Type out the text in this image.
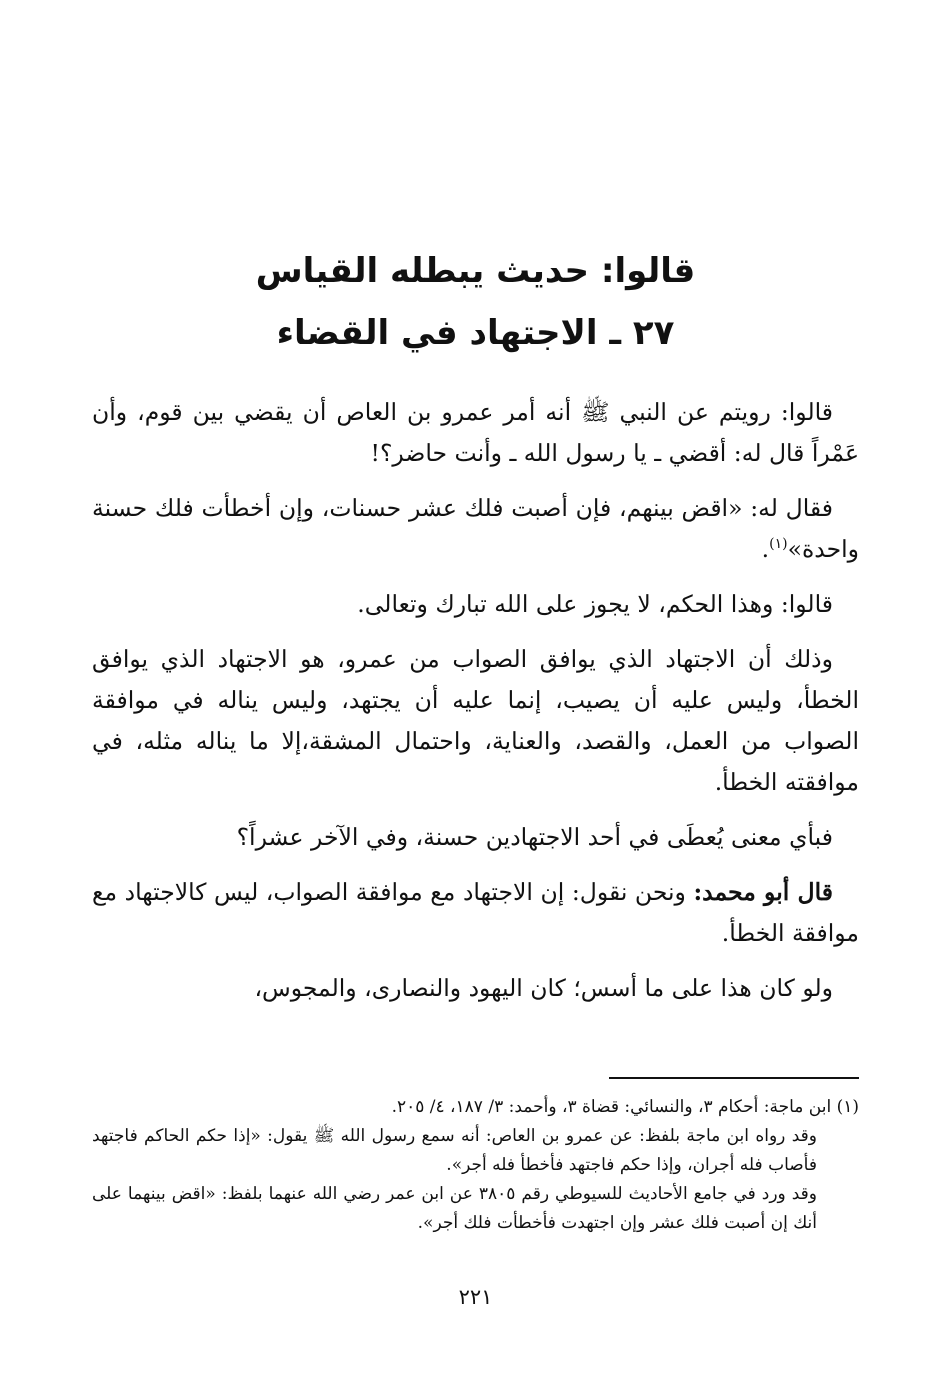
قالوا: حديث يبطله القياس
٢٧ ـ الاجتهاد في القضاء

قالوا: رويتم عن النبي ﷺ أنه أمر عمرو بن العاص أن يقضي بين قوم، وأن عَمْراً قال له: أقضي ـ يا رسول الله ـ وأنت حاضر؟!

فقال له: «اقض بينهم، فإن أصبت فلك عشر حسنات، وإن أخطأت فلك حسنة واحدة»$^{(١)}$.

قالوا: وهذا الحكم، لا يجوز على الله تبارك وتعالى.

وذلك أن الاجتهاد الذي يوافق الصواب من عمرو، هو الاجتهاد الذي يوافق الخطأ، وليس عليه أن يصيب، إنما عليه أن يجتهد، وليس يناله في موافقة الصواب من العمل، والقصد، والعناية، واحتمال المشقة،إلا ما يناله مثله، في موافقته الخطأ.

فبأي معنى يُعطَى في أحد الاجتهادين حسنة، وفي الآخر عشراً؟

قال أبو محمد: ونحن نقول: إن الاجتهاد مع موافقة الصواب، ليس كالاجتهاد مع موافقة الخطأ.

ولو كان هذا على ما أسس؛ كان اليهود والنصارى، والمجوس،

(١) ابن ماجة: أحكام ٣، والنسائي: قضاة ٣، وأحمد: ٣/ ١٨٧، ٤/ ٢٠٥.

وقد رواه ابن ماجة بلفظ: عن عمرو بن العاص: أنه سمع رسول الله ﷺ يقول: «إذا حكم الحاكم فاجتهد فأصاب فله أجران، وإذا حكم فاجتهد فأخطأ فله أجر».

وقد ورد في جامع الأحاديث للسيوطي رقم ٣٨٠٥ عن ابن عمر رضي الله عنهما بلفظ: «اقض بينهما على أنك إن أصبت فلك عشر وإن اجتهدت فأخطأت فلك أجر».

٢٢١
